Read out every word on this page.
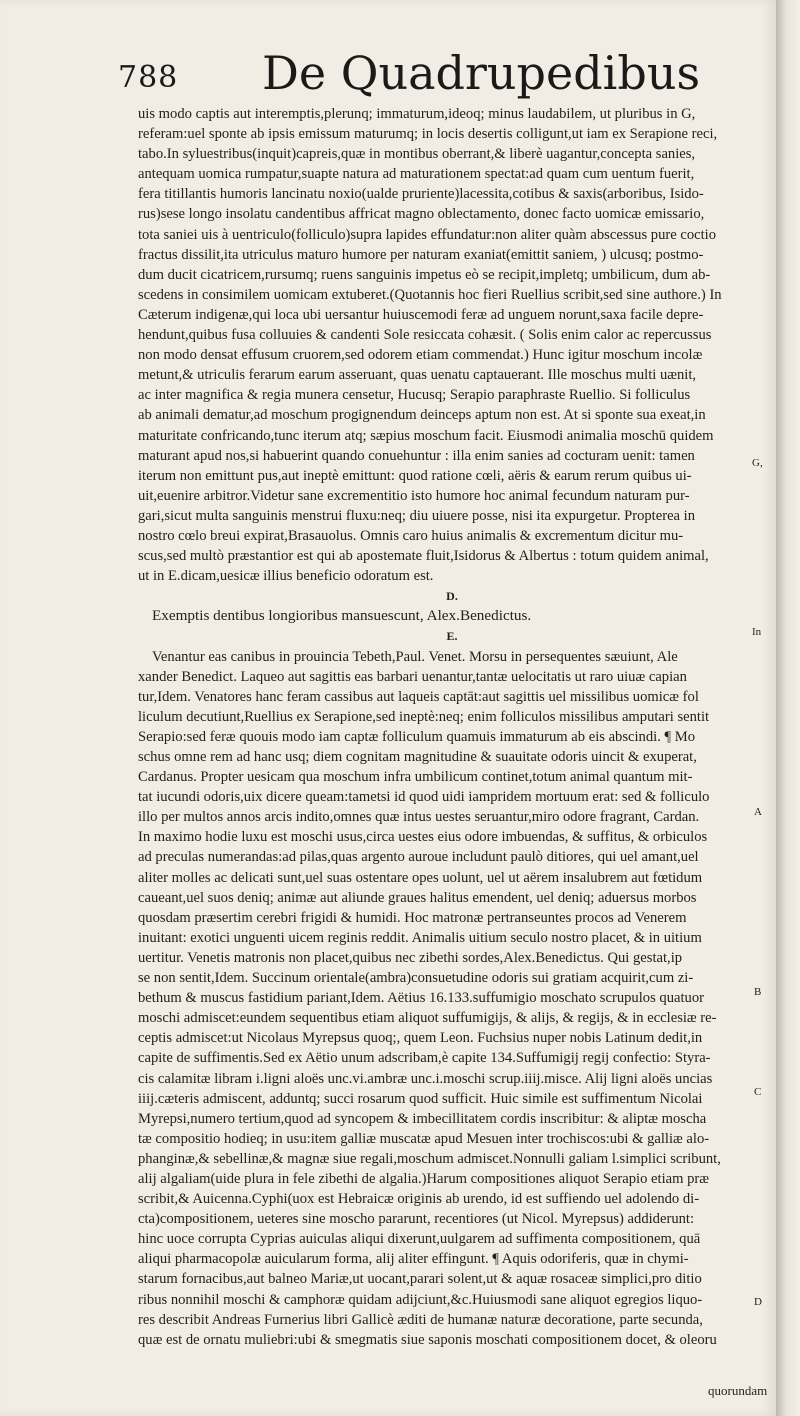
788 De Quadrupedibus
uis modo captis aut interemptis,plerunq; immaturum,ideoq; minus laudabilem, ut pluribus in G,
referam:uel sponte ab ipsis emissum maturumq; in locis desertis colligunt,ut iam ex Serapione reci,
tabo.In syluestribus(inquit)capreis,quæ in montibus oberrant,& liberè uagantur,concepta sanies,
antequam uomica rumpatur,suapte natura ad maturationem spectat:ad quam cum uentum fuerit,
fera titillantis humoris lancinatu noxio(ualde pruriente)lacessita,cotibus & saxis(arboribus, Isido-
rus)sese longo insolatu candentibus affricat magno oblectamento, donec facto uomicæ emissario,
tota saniei uis à uentriculo(folliculo)supra lapides effundatur:non aliter quàm abscessus pure coctio
fractus dissilit,ita utriculus maturo humore per naturam exaniat(emittit saniem, ) ulcusq; postmo-
dum ducit cicatricem,rursumq; ruens sanguinis impetus eò se recipit,impletq; umbilicum, dum ab-
scedens in consimilem uomicam extuberet.(Quotannis hoc fieri Ruellius scribit,sed sine authore.) In
Cæterum indigenæ,qui loca ubi uersantur huiuscemodi feræ ad unguem norunt,saxa facile depre-
hendunt,quibus fusa colluuies & candenti Sole resiccata cohæsit. ( Solis enim calor ac repercussus
non modo densat effusum cruorem,sed odorem etiam commendat.) Hunc igitur moschum incolæ
metunt,& utriculis ferarum earum asseruant, quas uenatu captauerant. Ille moschus multi uænit,
ac inter magnifica & regia munera censetur, Hucusq; Serapio paraphraste Ruellio. Si folliculus
ab animali dematur,ad moschum progignendum deinceps aptum non est. At si sponte sua exeat,in
maturitate confricando,tunc iterum atq; sæpius moschum facit. Eiusmodi animalia moschū quidem
maturant apud nos,si habuerint quando conuehuntur : illa enim sanies ad cocturam uenit: tamen
iterum non emittunt pus,aut ineptè emittunt: quod ratione cœli, aëris & earum rerum quibus ui-
uit,euenire arbitror.Videtur sane excrementitio isto humore hoc animal fecundum naturam pur-
gari,sicut multa sanguinis menstrui fluxu:neq; diu uiuere posse, nisi ita expurgetur. Propterea in
nostro cœlo breui expirat,Brasauolus. Omnis caro huius animalis & excrementum dicitur mu-
scus,sed multò præstantior est qui ab apostemate fluit,Isidorus & Albertus : totum quidem animal,
ut in E.dicam,uesicæ illius beneficio odoratum est.
D.
Exemptis dentibus longioribus mansuescunt, Alex.Benedictus.
E.
Venantur eas canibus in prouincia Tebeth,Paul. Venet. Morsu in persequentes sæuiunt, Ale
xander Benedict. Laqueo aut sagittis eas barbari uenantur,tantæ uelocitatis ut raro uiuæ capian
tur,Idem. Venatores hanc feram cassibus aut laqueis captāt:aut sagittis uel missilibus uomicæ fol
liculum decutiunt,Ruellius ex Serapione,sed ineptè:neq; enim folliculos missilibus amputari sentit
Serapio:sed feræ quouis modo iam captæ folliculum quamuis immaturum ab eis abscindi. ¶ Mo
schus omne rem ad hanc usq; diem cognitam magnitudine & suauitate odoris uincit & exuperat,
Cardanus. Propter uesicam qua moschum infra umbilicum continet,totum animal quantum mit-
tat iucundi odoris,uix dicere queam:tametsi id quod uidi iampridem mortuum erat: sed & folliculo
illo per multos annos arcis indito,omnes quæ intus uestes seruantur,miro odore fragrant, Cardan.
In maximo hodie luxu est moschi usus,circa uestes eius odore imbuendas, & suffitus, & orbiculos
ad preculas numerandas:ad pilas,quas argento auroue includunt paulò ditiores, qui uel amant,uel
aliter molles ac delicati sunt,uel suas ostentare opes uolunt, uel ut aërem insalubrem aut fœtidum
caueant,uel suos deniq; animæ aut aliunde graues halitus emendent, uel deniq; aduersus morbos
quosdam præsertim cerebri frigidi & humidi. Hoc matronæ pertranseuntes procos ad Venerem
inuitant: exotici unguenti uicem reginis reddit. Animalis uitium seculo nostro placet, & in uitium
uertitur. Venetis matronis non placet,quibus nec zibethi sordes,Alex.Benedictus. Qui gestat,ip
se non sentit,Idem. Succinum orientale(ambra)consuetudine odoris sui gratiam acquirit,cum zi-
bethum & muscus fastidium pariant,Idem. Aëtius 16.133.suffumigio moschato scrupulos quatuor
moschi admiscet:eundem sequentibus etiam aliquot suffumigijs, & alijs, & regijs, & in ecclesiæ re-
ceptis admiscet:ut Nicolaus Myrepsus quoq;, quem Leon. Fuchsius nuper nobis Latinum dedit,in
capite de suffimentis.Sed ex Aëtio unum adscribam,è capite 134.Suffumigij regij confectio: Styra-
cis calamitæ libram i.ligni aloës unc.vi.ambræ unc.i.moschi scrup.iiij.misce. Alij ligni aloës uncias
iiij.cæteris admiscent, adduntq; succi rosarum quod sufficit. Huic simile est suffimentum Nicolai
Myrepsi,numero tertium,quod ad syncopem & imbecillitatem cordis inscribitur: & aliptæ moscha
tæ compositio hodieq; in usu:item galliæ muscatæ apud Mesuen inter trochiscos:ubi & galliæ alo-
phanginæ,& sebellinæ,& magnæ siue regali,moschum admiscet.Nonnulli galiam l.simplici scribunt,
alij algaliam(uide plura in fele zibethi de algalia.)Harum compositiones aliquot Serapio etiam præ
scribit,& Auicenna.Cyphi(uox est Hebraicæ originis ab urendo, id est suffiendo uel adolendo di-
cta)compositionem, ueteres sine moscho pararunt, recentiores (ut Nicol. Myrepsus) addiderunt:
hinc uoce corrupta Cyprias auiculas aliqui dixerunt,uulgarem ad suffimenta compositionem, quā
aliqui pharmacopolæ auicularum forma, alij aliter effingunt. ¶ Aquis odoriferis, quæ in chymi-
starum fornacibus,aut balneo Mariæ,ut uocant,parari solent,ut & aquæ rosaceæ simplici,pro ditio
ribus nonnihil moschi & camphoræ quidam adijciunt,&c.Huiusmodi sane aliquot egregios liquo-
res describit Andreas Furnerius libri Gallicè æditi de humanæ naturæ decoratione, parte secunda,
quæ est de ornatu muliebri:ubi & smegmatis siue saponis moschati compositionem docet, & oleoru
G,
In
A
B
C
D
quorundam
